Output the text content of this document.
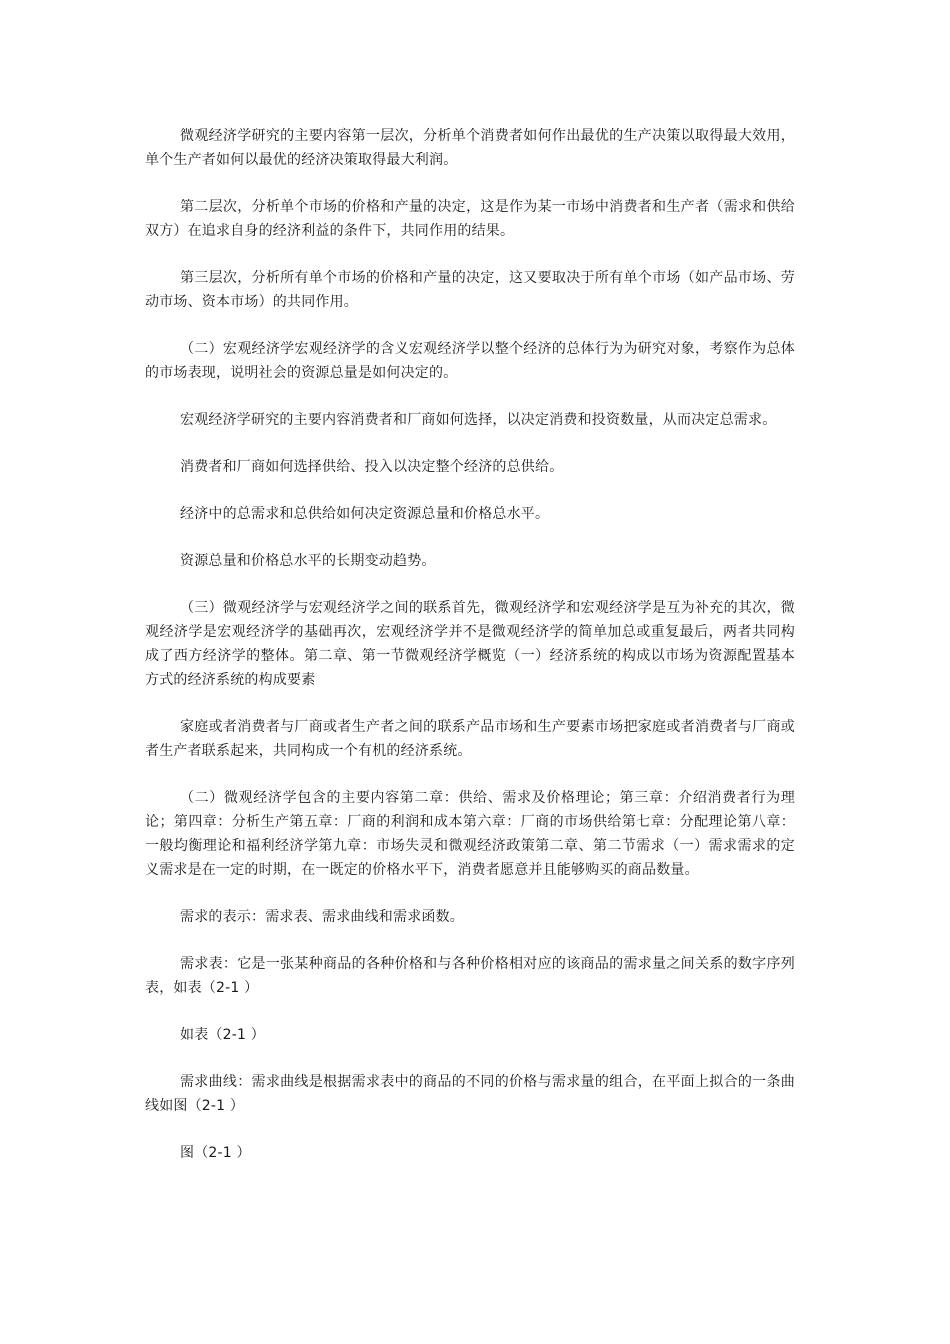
微观经济学研究的主要内容第一层次，分析单个消费者如何作出最优的生产决策以取得最大效用，单个生产者如何以最优的经济决策取得最大利润。

第二层次，分析单个市场的价格和产量的决定，这是作为某一市场中消费者和生产者（需求和供给双方）在追求自身的经济利益的条件下，共同作用的结果。

第三层次，分析所有单个市场的价格和产量的决定，这又要取决于所有单个市场（如产品市场、劳动市场、资本市场）的共同作用。

（二）宏观经济学宏观经济学的含义宏观经济学以整个经济的总体行为为研究对象，考察作为总体的市场表现，说明社会的资源总量是如何决定的。

宏观经济学研究的主要内容消费者和厂商如何选择，以决定消费和投资数量，从而决定总需求。

消费者和厂商如何选择供给、投入以决定整个经济的总供给。

经济中的总需求和总供给如何决定资源总量和价格总水平。

资源总量和价格总水平的长期变动趋势。

（三）微观经济学与宏观经济学之间的联系首先，微观经济学和宏观经济学是互为补充的其次，微观经济学是宏观经济学的基础再次，宏观经济学并不是微观经济学的简单加总或重复最后，两者共同构成了西方经济学的整体。第二章、第一节微观经济学概览（一）经济系统的构成以市场为资源配置基本方式的经济系统的构成要素

家庭或者消费者与厂商或者生产者之间的联系产品市场和生产要素市场把家庭或者消费者与厂商或者生产者联系起来，共同构成一个有机的经济系统。

（二）微观经济学包含的主要内容第二章：供给、需求及价格理论；第三章：介绍消费者行为理论；第四章：分析生产第五章：厂商的利润和成本第六章：厂商的市场供给第七章：分配理论第八章：一般均衡理论和福利经济学第九章：市场失灵和微观经济政策第二章、第二节需求（一）需求需求的定义需求是在一定的时期，在一既定的价格水平下，消费者愿意并且能够购买的商品数量。

需求的表示：需求表、需求曲线和需求函数。

需求表：它是一张某种商品的各种价格和与各种价格相对应的该商品的需求量之间关系的数字序列表，如表（2-1 ）

如表（2-1 ）

需求曲线：需求曲线是根据需求表中的商品的不同的价格与需求量的组合，在平面上拟合的一条曲线如图（2-1 ）

图（2-1 ）
